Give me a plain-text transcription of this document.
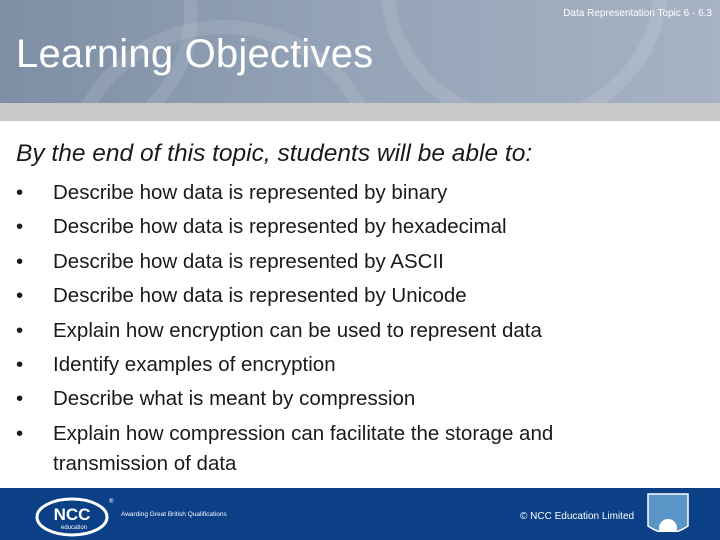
Data Representation Topic 6 - 6.3
Learning Objectives
By the end of this topic, students will be able to:
• Describe how data is represented by binary
• Describe how data is represented by hexadecimal
• Describe how data is represented by ASCII
• Describe how data is represented by Unicode
• Explain how encryption can be used to represent data
• Identify examples of encryption
• Describe what is meant by compression
• Explain how compression can facilitate the storage and
transmission of data
NCC
education
®
Awarding Great British Qualifications	© NCC Education Limited
